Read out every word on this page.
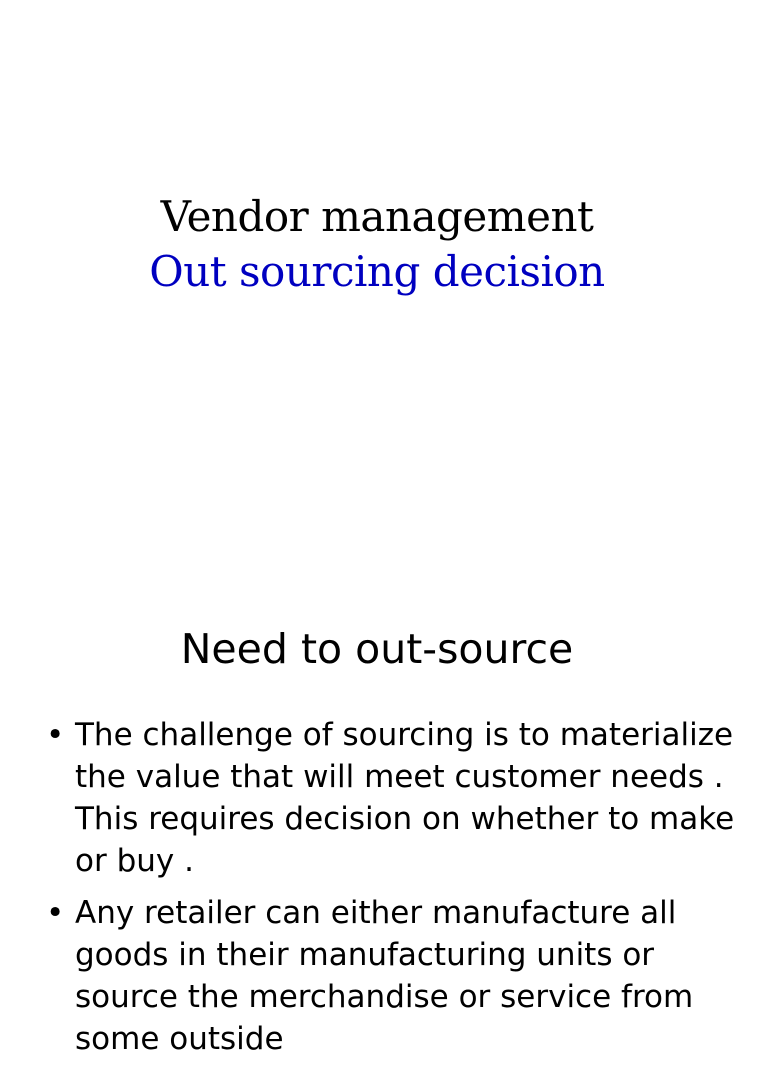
Vendor management
Out sourcing decision
Need to out-source
• The challenge of sourcing is to materialize the value that will meet customer needs . This requires decision on whether to make or buy .
• Any retailer can either manufacture all goods in their manufacturing units or source the merchandise or service from some outside
